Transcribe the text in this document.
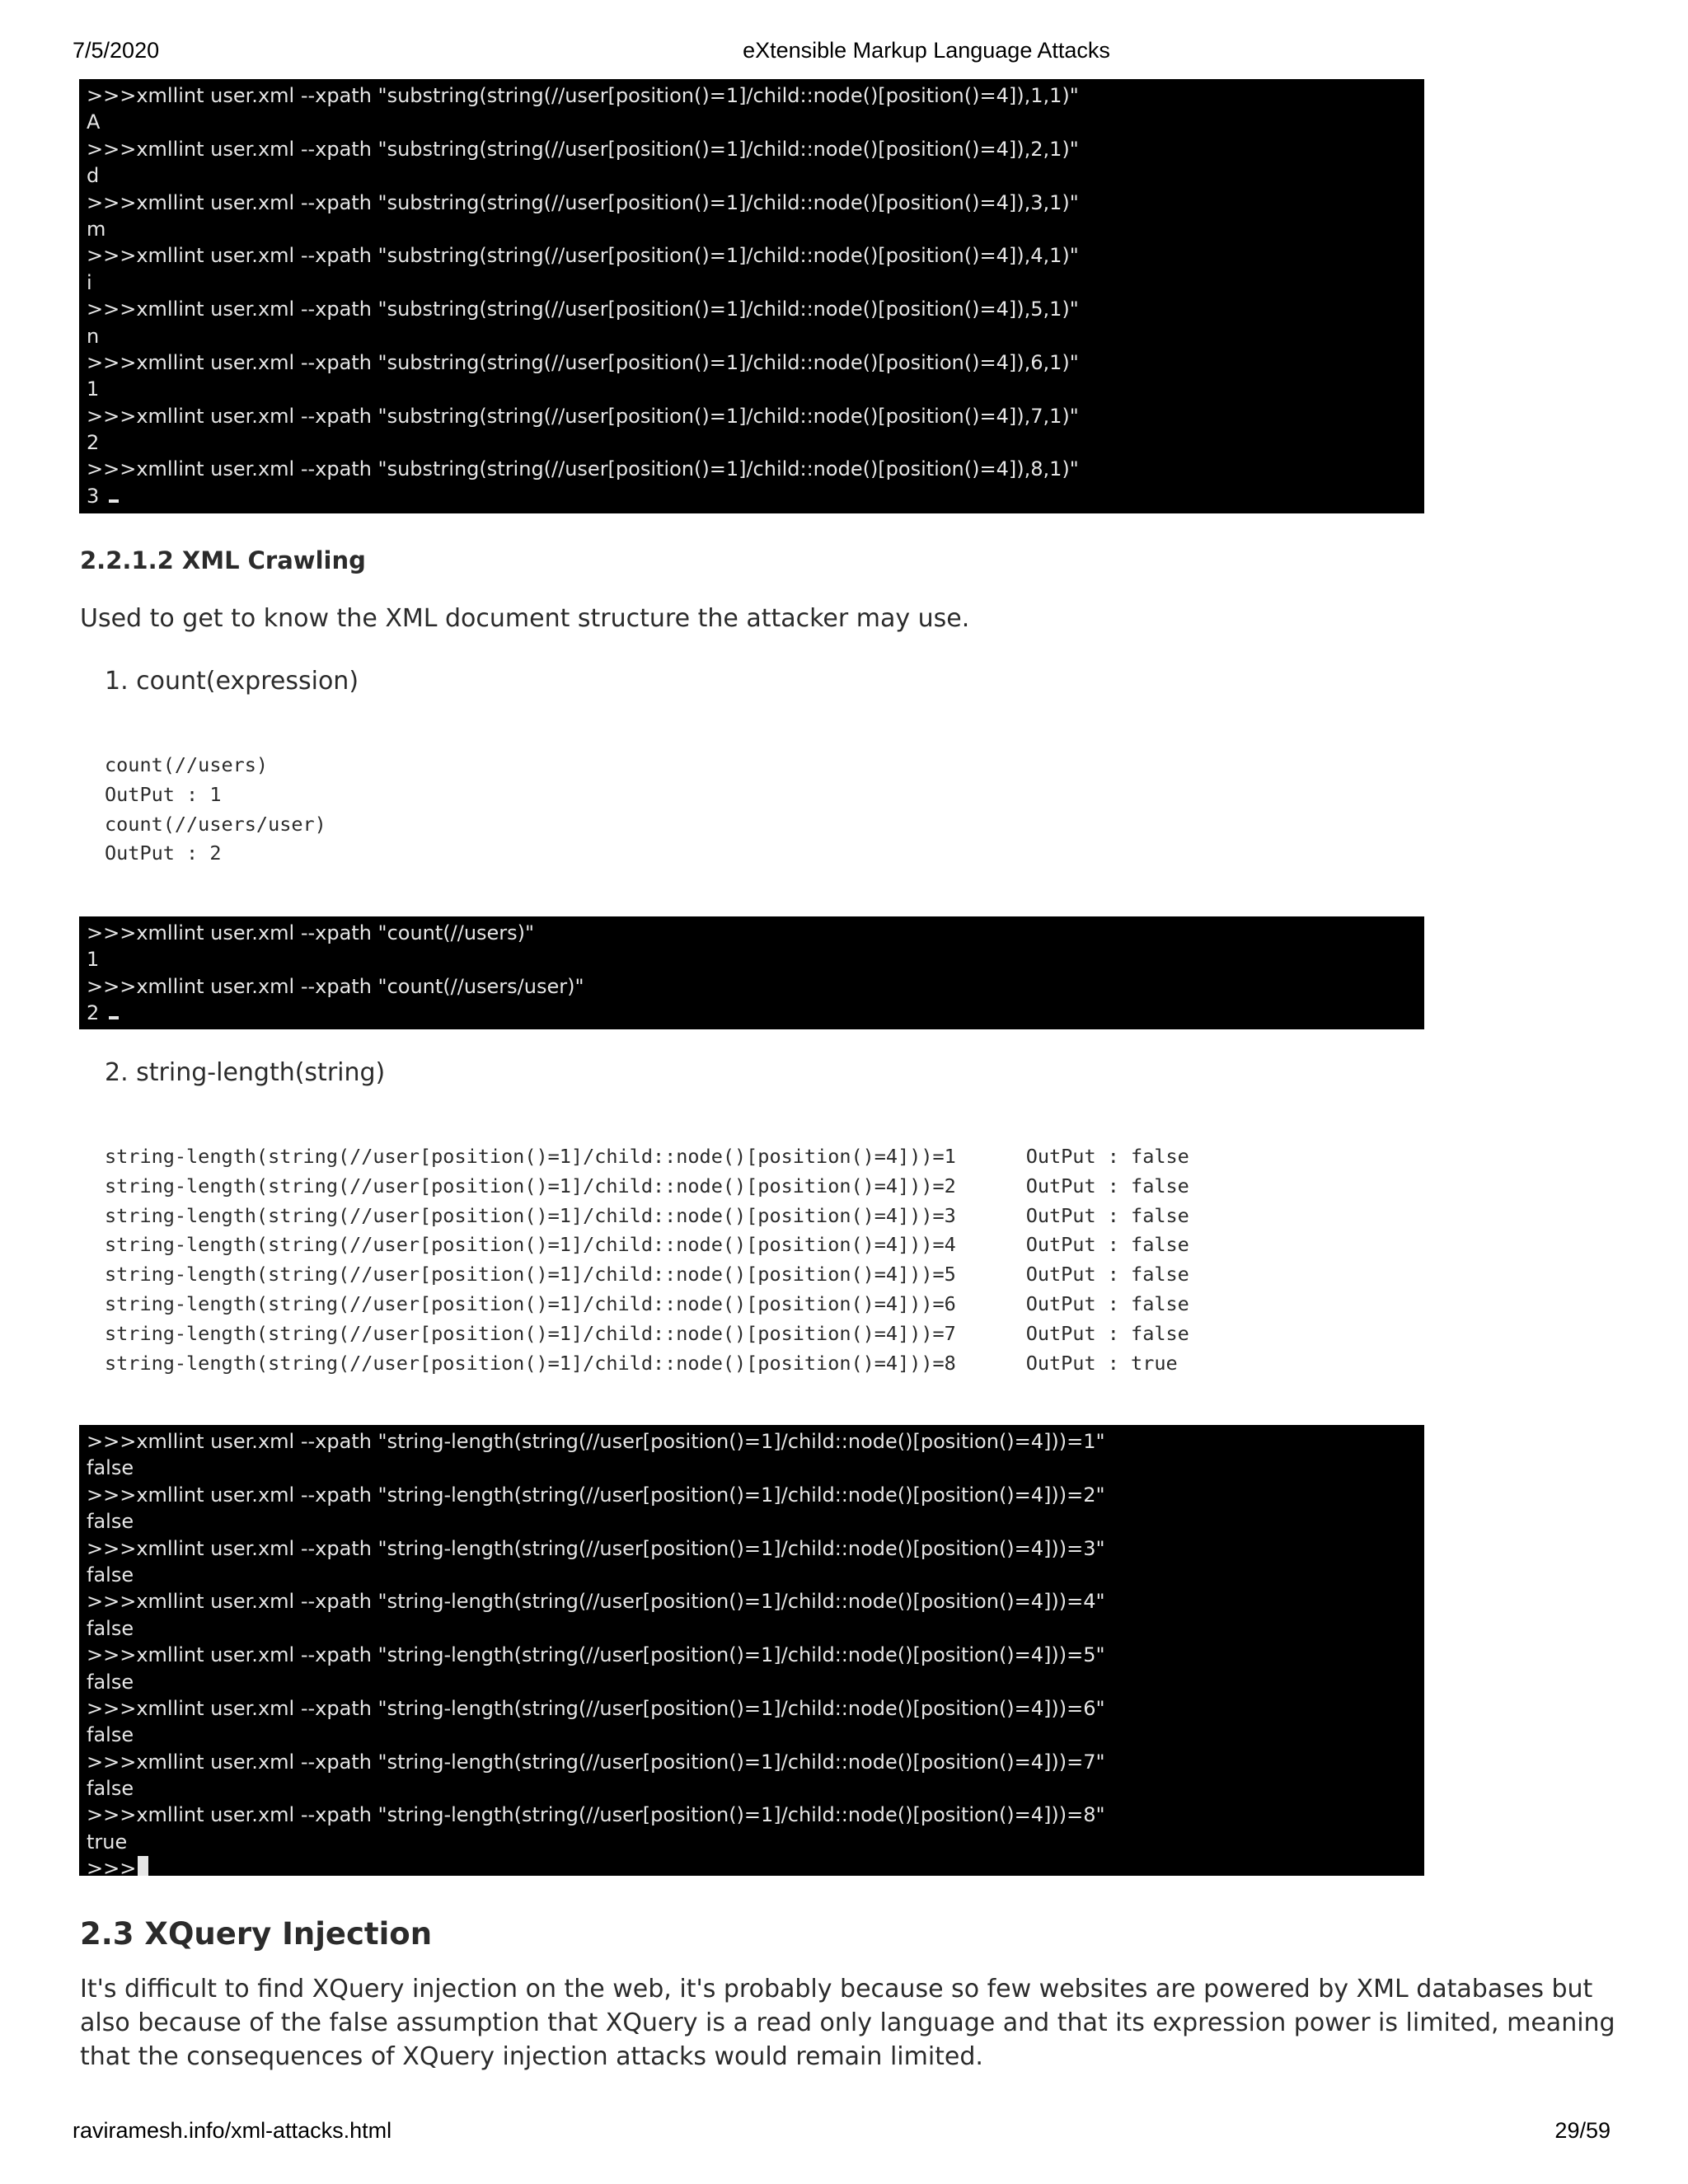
7/5/2020	eXtensible Markup Language Attacks
>>>xmllint user.xml --xpath "substring(string(//user[position()=1]/child::node()[position()=4]),1,1)"
A
>>>xmllint user.xml --xpath "substring(string(//user[position()=1]/child::node()[position()=4]),2,1)"
d
>>>xmllint user.xml --xpath "substring(string(//user[position()=1]/child::node()[position()=4]),3,1)"
m
>>>xmllint user.xml --xpath "substring(string(//user[position()=1]/child::node()[position()=4]),4,1)"
i
>>>xmllint user.xml --xpath "substring(string(//user[position()=1]/child::node()[position()=4]),5,1)"
n
>>>xmllint user.xml --xpath "substring(string(//user[position()=1]/child::node()[position()=4]),6,1)"
1
>>>xmllint user.xml --xpath "substring(string(//user[position()=1]/child::node()[position()=4]),7,1)"
2
>>>xmllint user.xml --xpath "substring(string(//user[position()=1]/child::node()[position()=4]),8,1)"
3
2.2.1.2 XML Crawling
Used to get to know the XML document structure the attacker may use.
1. count(expression)
count(//users)
OutPut : 1
count(//users/user)
OutPut : 2
>>>xmllint user.xml --xpath "count(//users)"
1
>>>xmllint user.xml --xpath "count(//users/user)"
2
2. string-length(string)
string-length(string(//user[position()=1]/child::node()[position()=4]))=1      OutPut : false
string-length(string(//user[position()=1]/child::node()[position()=4]))=2      OutPut : false
string-length(string(//user[position()=1]/child::node()[position()=4]))=3      OutPut : false
string-length(string(//user[position()=1]/child::node()[position()=4]))=4      OutPut : false
string-length(string(//user[position()=1]/child::node()[position()=4]))=5      OutPut : false
string-length(string(//user[position()=1]/child::node()[position()=4]))=6      OutPut : false
string-length(string(//user[position()=1]/child::node()[position()=4]))=7      OutPut : false
string-length(string(//user[position()=1]/child::node()[position()=4]))=8      OutPut : true
>>>xmllint user.xml --xpath "string-length(string(//user[position()=1]/child::node()[position()=4]))=1"
false
>>>xmllint user.xml --xpath "string-length(string(//user[position()=1]/child::node()[position()=4]))=2"
false
>>>xmllint user.xml --xpath "string-length(string(//user[position()=1]/child::node()[position()=4]))=3"
false
>>>xmllint user.xml --xpath "string-length(string(//user[position()=1]/child::node()[position()=4]))=4"
false
>>>xmllint user.xml --xpath "string-length(string(//user[position()=1]/child::node()[position()=4]))=5"
false
>>>xmllint user.xml --xpath "string-length(string(//user[position()=1]/child::node()[position()=4]))=6"
false
>>>xmllint user.xml --xpath "string-length(string(//user[position()=1]/child::node()[position()=4]))=7"
false
>>>xmllint user.xml --xpath "string-length(string(//user[position()=1]/child::node()[position()=4]))=8"
true
>>>
2.3 XQuery Injection
It's difficult to find XQuery injection on the web, it's probably because so few websites are powered by XML databases but also because of the false assumption that XQuery is a read only language and that its expression power is limited, meaning that the consequences of XQuery injection attacks would remain limited.
raviramesh.info/xml-attacks.html	29/59
